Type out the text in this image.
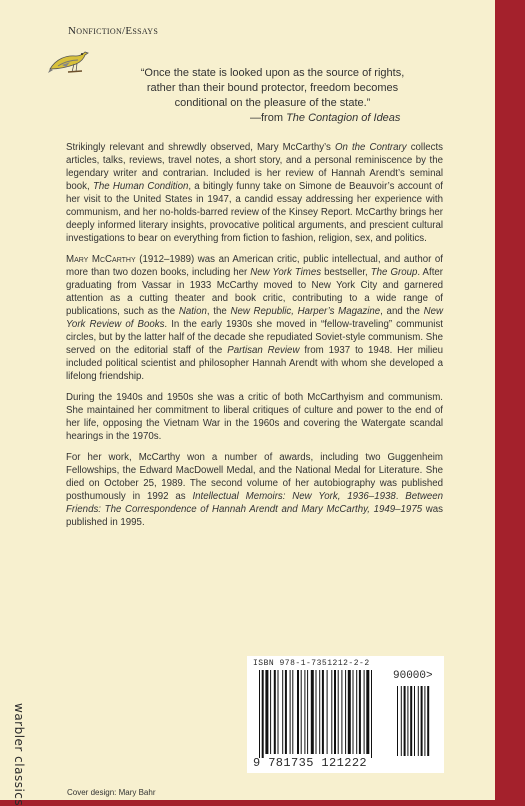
Nonfiction/Essays
“Once the state is looked upon as the source of rights,
rather than their bound protector, freedom becomes
conditional on the pleasure of the state.”

—from The Contagion of Ideas

Strikingly relevant and shrewdly observed, Mary McCarthy’s On the Contrary collects articles, talks, reviews, travel notes, a short story, and a personal reminiscence by the legendary writer and contrarian. Included is her review of Hannah Arendt’s seminal book, The Human Condition, a bitingly funny take on Simone de Beauvoir’s account of her visit to the United States in 1947, a candid essay addressing her experience with communism, and her no-holds-barred review of the Kinsey Report. McCarthy brings her deeply informed literary insights, provocative political arguments, and prescient cultural investigations to bear on everything from fiction to fashion, religion, sex, and politics.

Mary McCarthy (1912–1989) was an American critic, public intellectual, and author of more than two dozen books, including her New York Times bestseller, The Group. After graduating from Vassar in 1933 McCarthy moved to New York City and garnered attention as a cutting theater and book critic, contributing to a wide range of publications, such as the Nation, the New Republic, Harper’s Magazine, and the New York Review of Books. In the early 1930s she moved in “fellow-traveling” communist circles, but by the latter half of the decade she repudiated Soviet-style communism. She served on the editorial staff of the Partisan Review from 1937 to 1948. Her milieu included political scientist and philosopher Hannah Arendt with whom she developed a lifelong friendship.

During the 1940s and 1950s she was a critic of both McCarthyism and communism. She maintained her commitment to liberal critiques of culture and power to the end of her life, opposing the Vietnam War in the 1960s and covering the Watergate scandal hearings in the 1970s.

For her work, McCarthy won a number of awards, including two Guggenheim Fellowships, the Edward MacDowell Medal, and the National Medal for Literature. She died on October 25, 1989. The second volume of her autobiography was published posthumously in 1992 as Intellectual Memoirs: New York, 1936–1938. Between Friends: The Correspondence of Hannah Arendt and Mary McCarthy, 1949–1975 was published in 1995.

ISBN 978-1-7351212-2-2
90000>
9 781735 121222
warbler classics	Cover design: Mary Bahr
